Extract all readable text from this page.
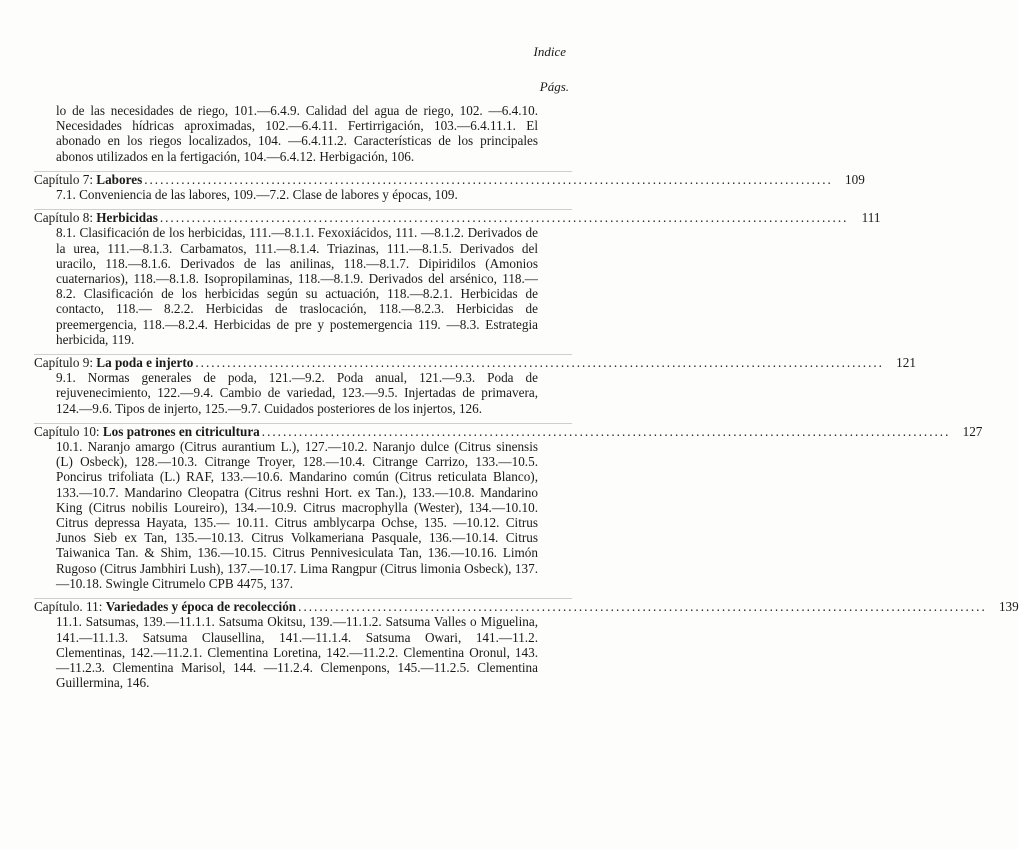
Indice
Págs.

lo de las necesidades de riego, 101.—6.4.9. Calidad del agua de riego, 102. —6.4.10. Necesidades hídricas aproximadas, 102.—6.4.11. Fertirrigación, 103.—6.4.11.1. El abonado en los riegos localizados, 104. —6.4.11.2. Características de los principales abonos utilizados en la fertigación, 104.—6.4.12. Herbigación, 106.

Capítulo 7: Labores .................................................................................................................................. 109

7.1. Conveniencia de las labores, 109.—7.2. Clase de labores y épocas, 109.

Capítulo 8: Herbicidas .................................................................................................................................. 111

8.1. Clasificación de los herbicidas, 111.—8.1.1. Fexoxiácidos, 111. —8.1.2. Derivados de la urea, 111.—8.1.3. Carbamatos, 111.—8.1.4. Triazinas, 111.—8.1.5. Derivados del uracilo, 118.—8.1.6. Derivados de las anilinas, 118.—8.1.7. Dipiridilos (Amonios cuaternarios), 118.—8.1.8. Isopropilaminas, 118.—8.1.9. Derivados del arsénico, 118.—8.2. Clasificación de los herbicidas según su actuación, 118.—8.2.1. Herbicidas de contacto, 118.— 8.2.2. Herbicidas de traslocación, 118.—8.2.3. Herbicidas de preemergencia, 118.—8.2.4. Herbicidas de pre y postemergencia 119. —8.3. Estrategia herbicida, 119.

Capítulo 9: La poda e injerto .................................................................................................................................. 121

9.1. Normas generales de poda, 121.—9.2. Poda anual, 121.—9.3. Poda de rejuvenecimiento, 122.—9.4. Cambio de variedad, 123.—9.5. Injertadas de primavera, 124.—9.6. Tipos de injerto, 125.—9.7. Cuidados posteriores de los injertos, 126.

Capítulo 10: Los patrones en citricultura .................................................................................................................................. 127

10.1. Naranjo amargo (Citrus aurantium L.), 127.—10.2. Naranjo dulce (Citrus sinensis (L) Osbeck), 128.—10.3. Citrange Troyer, 128.—10.4. Citrange Carrizo, 133.—10.5. Poncirus trifoliata (L.) RAF, 133.—10.6. Mandarino común (Citrus reticulata Blanco), 133.—10.7. Mandarino Cleopatra (Citrus reshni Hort. ex Tan.), 133.—10.8. Mandarino King (Citrus nobilis Loureiro), 134.—10.9. Citrus macrophylla (Wester), 134.—10.10. Citrus depressa Hayata, 135.— 10.11. Citrus amblycarpa Ochse, 135. —10.12. Citrus Junos Sieb ex Tan, 135.—10.13. Citrus Volkameriana Pasquale, 136.—10.14. Citrus Taiwanica Tan. & Shim, 136.—10.15. Citrus Pennivesiculata Tan, 136.—10.16. Limón Rugoso (Citrus Jambhiri Lush), 137.—10.17. Lima Rangpur (Citrus limonia Osbeck), 137. —10.18. Swingle Citrumelo CPB 4475, 137.

Capítulo. 11: Variedades y época de recolección .................................................................................................................................. 139

11.1. Satsumas, 139.—11.1.1. Satsuma Okitsu, 139.—11.1.2. Satsuma Valles o Miguelina, 141.—11.1.3. Satsuma Clausellina, 141.—11.1.4. Satsuma Owari, 141.—11.2. Clementinas, 142.—11.2.1. Clementina Loretina, 142.—11.2.2. Clementina Oronul, 143.—11.2.3. Clementina Marisol, 144. —11.2.4. Clemenpons, 145.—11.2.5. Clementina Guillermina, 146.
